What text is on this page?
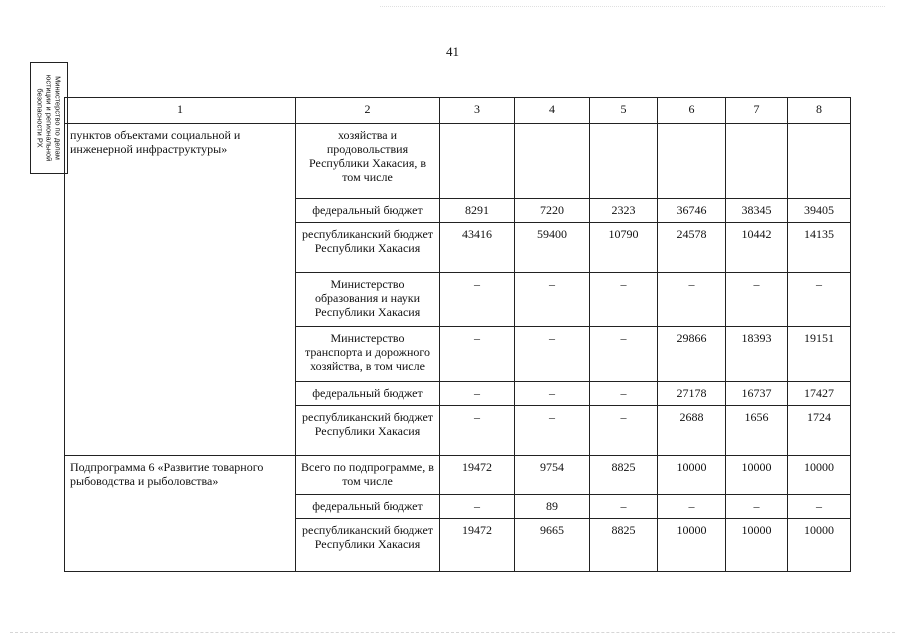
41
Министерство по делам юстиции и региональной безопасности РХ	1	2	3	4	5	6	7	8
пунктов объектами социальной и инженерной инфраструктуры»	хозяйства и продовольствия Республики Хакасия, в том числе						
	федеральный бюджет	8291	7220	2323	36746	38345	39405
	республиканский бюджет Республики Хакасия	43416	59400	10790	24578	10442	14135
	Министерство образования и науки Республики Хакасия	–	–	–	–	–	–
	Министерство транспорта и дорожного хозяйства, в том числе	–	–	–	29866	18393	19151
	федеральный бюджет	–	–	–	27178	16737	17427
	республиканский бюджет Республики Хакасия	–	–	–	2688	1656	1724
Подпрограмма 6 «Развитие товарного рыбоводства и рыболовства»	Всего по подпрограмме, в том числе	19472	9754	8825	10000	10000	10000
	федеральный бюджет	–	89	–	–	–	–
	республиканский бюджет Республики Хакасия	19472	9665	8825	10000	10000	10000
